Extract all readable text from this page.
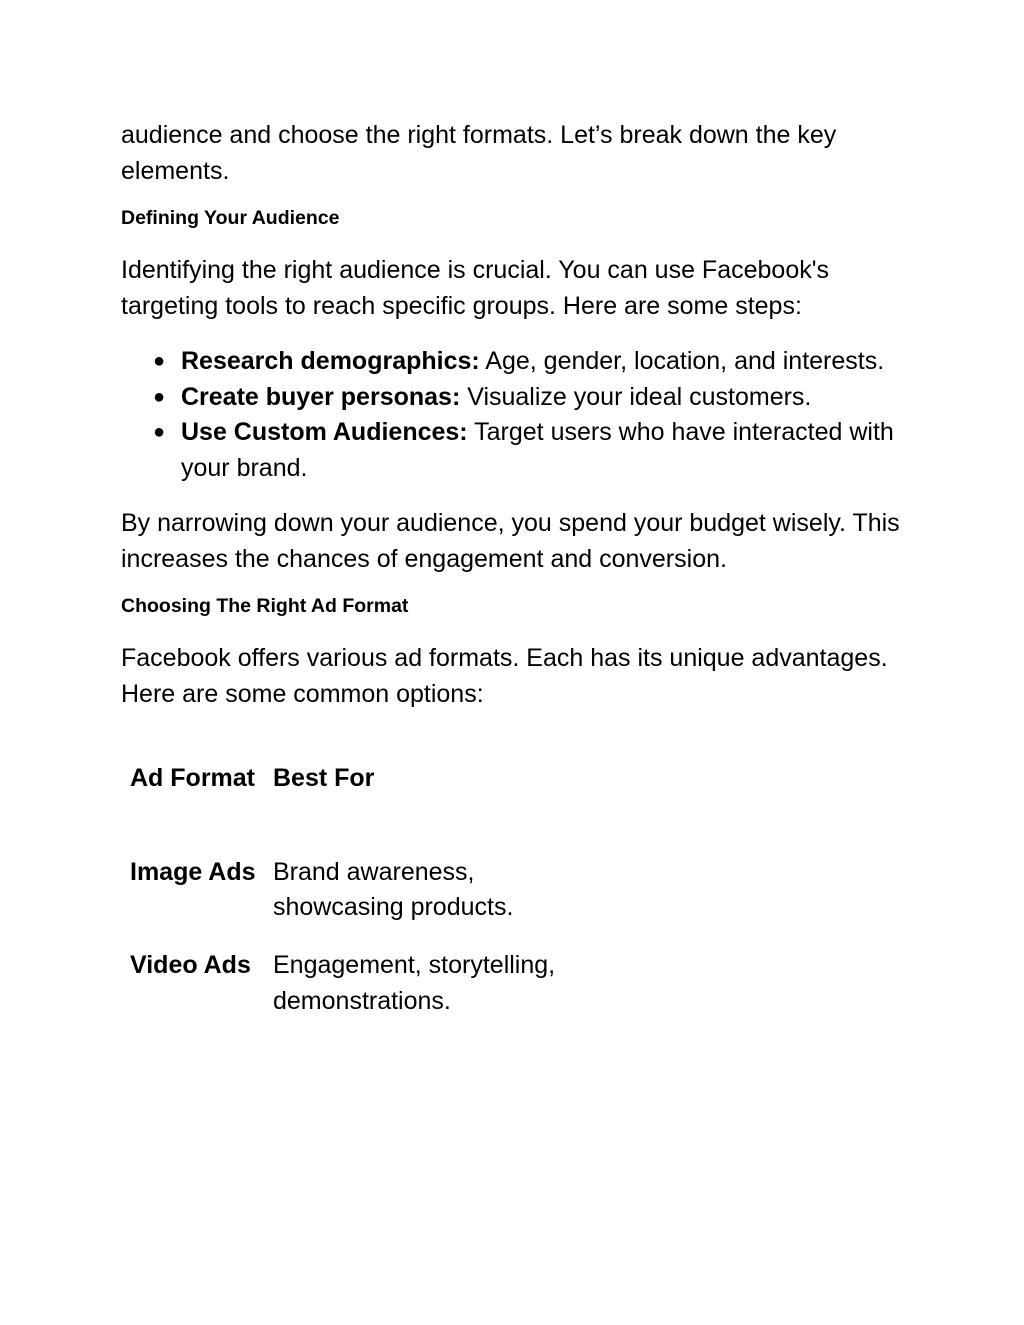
audience and choose the right formats. Let’s break down the key elements.

Defining Your Audience

Identifying the right audience is crucial. You can use Facebook's targeting tools to reach specific groups. Here are some steps:

● Research demographics: Age, gender, location, and interests.
● Create buyer personas: Visualize your ideal customers.
● Use Custom Audiences: Target users who have interacted with your brand.

By narrowing down your audience, you spend your budget wisely. This increases the chances of engagement and conversion.

Choosing The Right Ad Format

Facebook offers various ad formats. Each has its unique advantages. Here are some common options:

Ad Format	Best For
Image Ads	Brand awareness, showcasing products.
Video Ads	Engagement, storytelling, demonstrations.
